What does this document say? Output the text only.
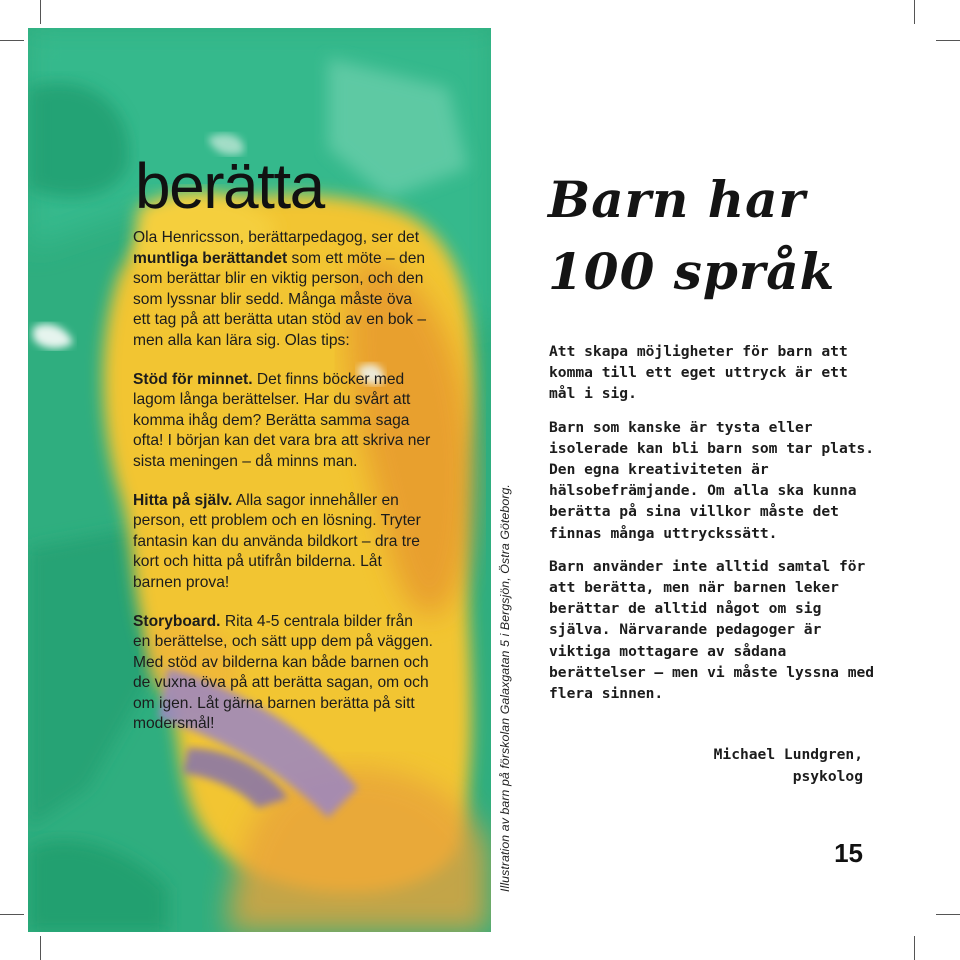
berätta

Ola Henricsson, berättarpedagog, ser det muntliga berättandet som ett möte – den som berättar blir en viktig person, och den som lyssnar blir sedd. Många måste öva ett tag på att berätta utan stöd av en bok – men alla kan lära sig. Olas tips:

Stöd för minnet. Det finns böcker med lagom långa berättelser. Har du svårt att komma ihåg dem? Berätta samma saga ofta! I början kan det vara bra att skriva ner sista meningen – då minns man.

Hitta på själv. Alla sagor innehåller en person, ett problem och en lösning. Tryter fantasin kan du använda bildkort – dra tre kort och hitta på utifrån bilderna. Låt barnen prova!

Storyboard. Rita 4-5 centrala bilder från en berättelse, och sätt upp dem på väggen. Med stöd av bilderna kan både barnen och de vuxna öva på att berätta sagan, om och om igen. Låt gärna barnen berätta på sitt modersmål!	Illustration av barn på förskolan Galaxgatan 5 i Bergsjön, Östra Göteborg.
Barn har
100 språk

Att skapa möjligheter för barn att komma till ett eget uttryck är ett mål i sig.

Barn som kanske är tysta eller isolerade kan bli barn som tar plats. Den egna kreativiteten är hälsobefrämjande. Om alla ska kunna berätta på sina villkor måste det finnas många uttryckssätt.

Barn använder inte alltid samtal för att berätta, men när barnen leker berättar de alltid något om sig själva. Närvarande pedagoger är viktiga mottagare av sådana berättelser – men vi måste lyssna med flera sinnen.

Michael Lundgren,
psykolog
15
